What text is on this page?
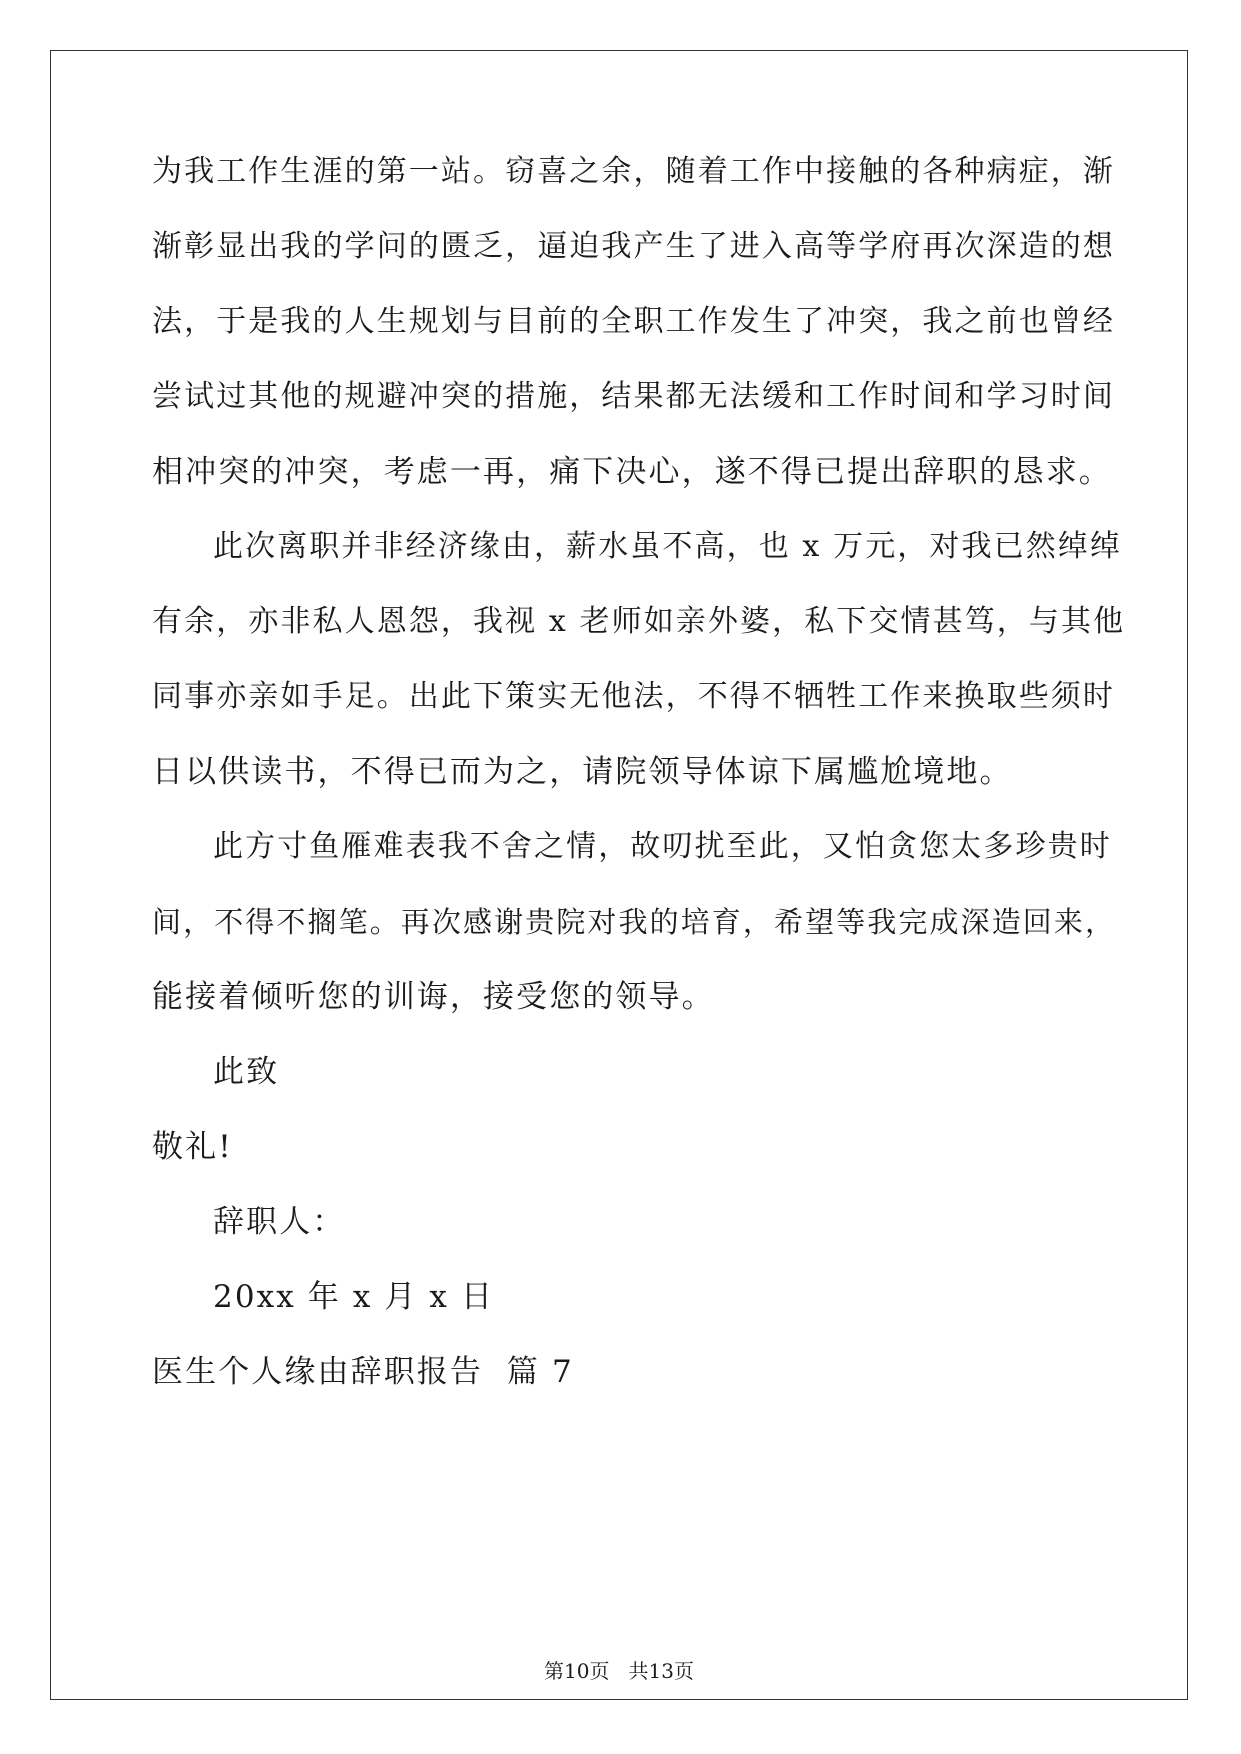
为我工作生涯的第一站。窃喜之余，随着工作中接触的各种病症，渐
渐彰显出我的学问的匮乏，逼迫我产生了进入高等学府再次深造的想
法，于是我的人生规划与目前的全职工作发生了冲突，我之前也曾经
尝试过其他的规避冲突的措施，结果都无法缓和工作时间和学习时间
相冲突的冲突，考虑一再，痛下决心，遂不得已提出辞职的恳求。
此次离职并非经济缘由，薪水虽不高，也 x 万元，对我已然绰绰
有余，亦非私人恩怨，我视 x 老师如亲外婆，私下交情甚笃，与其他
同事亦亲如手足。出此下策实无他法，不得不牺牲工作来换取些须时
日以供读书，不得已而为之，请院领导体谅下属尴尬境地。
此方寸鱼雁难表我不舍之情，故叨扰至此，又怕贪您太多珍贵时
间，不得不搁笔。再次感谢贵院对我的培育，希望等我完成深造回来，
能接着倾听您的训诲，接受您的领导。
此致
敬礼!
辞职人：
20xx 年 x 月 x 日
医生个人缘由辞职报告  篇 7
第10页   共13页
